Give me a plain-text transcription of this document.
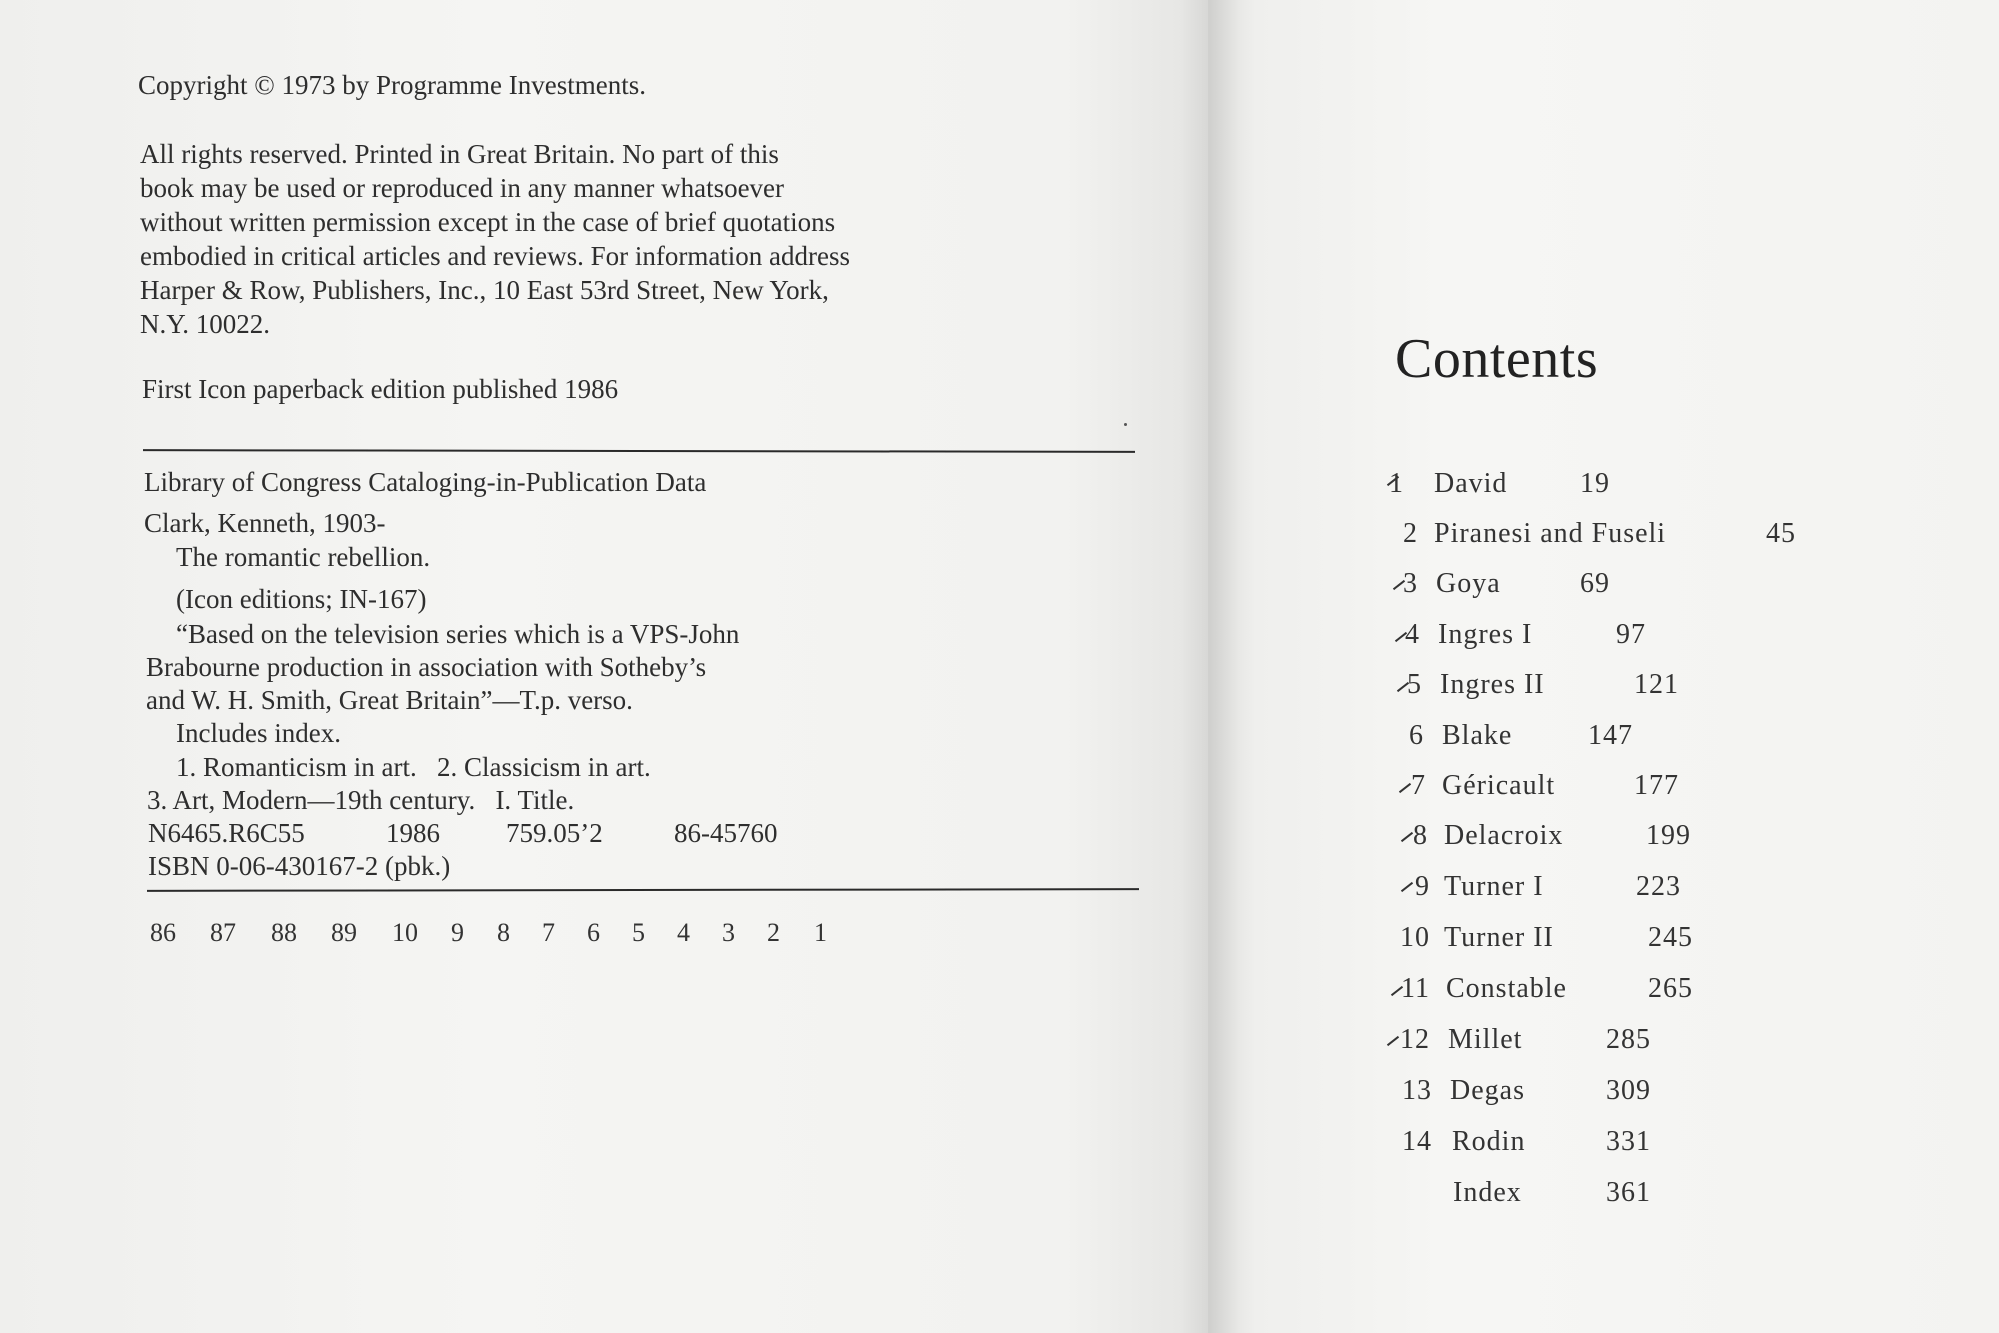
Copyright © 1973 by Programme Investments.
All rights reserved. Printed in Great Britain. No part of this
book may be used or reproduced in any manner whatsoever
without written permission except in the case of brief quotations
embodied in critical articles and reviews. For information address
Harper & Row, Publishers, Inc., 10 East 53rd Street, New York,
N.Y. 10022.
First Icon paperback edition published 1986
Library of Congress Cataloging-in-Publication Data
Clark, Kenneth, 1903-
The romantic rebellion.
(Icon editions; IN-167)
“Based on the television series which is a VPS-John
Brabourne production in association with Sotheby’s
and W. H. Smith, Great Britain”—T.p. verso.
Includes index.
1. Romanticism in art.   2. Classicism in art.
3. Art, Modern—19th century.   I. Title.
N6465.R6C55	1986 759.05’2	86-45760
ISBN 0-06-430167-2 (pbk.)
86 87 88 89 10 9 8 7 6 5 4 3 2 1
Contents
1 David	19
2 Piranesi and Fuseli	45
3 Goya	69
4 Ingres I	97
5 Ingres II	121
6 Blake	147
7 Géricault	177
8 Delacroix	199
9 Turner I	223
10 Turner II	245
11 Constable	265
12 Millet	285
13 Degas	309
14 Rodin	331
Index	361
